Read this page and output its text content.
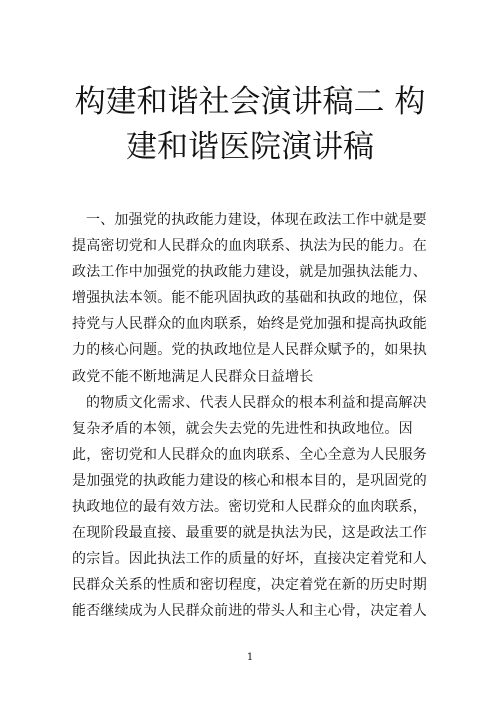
构建和谐社会演讲稿二 构
建和谐医院演讲稿
一、加强党的执政能力建设，体现在政法工作中就是要
提高密切党和人民群众的血肉联系、执法为民的能力。在
政法工作中加强党的执政能力建设，就是加强执法能力、
增强执法本领。能不能巩固执政的基础和执政的地位，保
持党与人民群众的血肉联系，始终是党加强和提高执政能
力的核心问题。党的执政地位是人民群众赋予的，如果执
政党不能不断地满足人民群众日益增长
的物质文化需求、代表人民群众的根本利益和提高解决
复杂矛盾的本领，就会失去党的先进性和执政地位。因
此，密切党和人民群众的血肉联系、全心全意为人民服务
是加强党的执政能力建设的核心和根本目的，是巩固党的
执政地位的最有效方法。密切党和人民群众的血肉联系，
在现阶段最直接、最重要的就是执法为民，这是政法工作
的宗旨。因此执法工作的质量的好坏，直接决定着党和人
民群众关系的性质和密切程度，决定着党在新的历史时期
能否继续成为人民群众前进的带头人和主心骨，决定着人
1
